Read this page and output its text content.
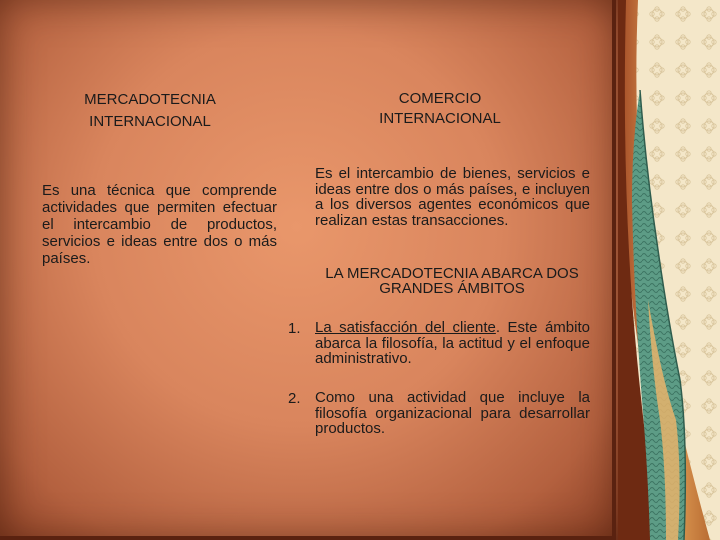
MERCADOTECNIA
INTERNACIONAL
Es una técnica que comprende actividades que permiten efectuar el intercambio de productos, servicios e ideas entre dos o más países.
COMERCIO
INTERNACIONAL
Es el intercambio de bienes, servicios e ideas entre dos o más países, e incluyen a los diversos agentes económicos que realizan estas transacciones.
LA MERCADOTECNIA ABARCA DOS
GRANDES ÁMBITOS
1. La satisfacción del cliente. Este ámbito abarca la filosofía, la actitud y el enfoque administrativo.
2. Como una actividad que incluye la filosofía organizacional para desarrollar productos.
